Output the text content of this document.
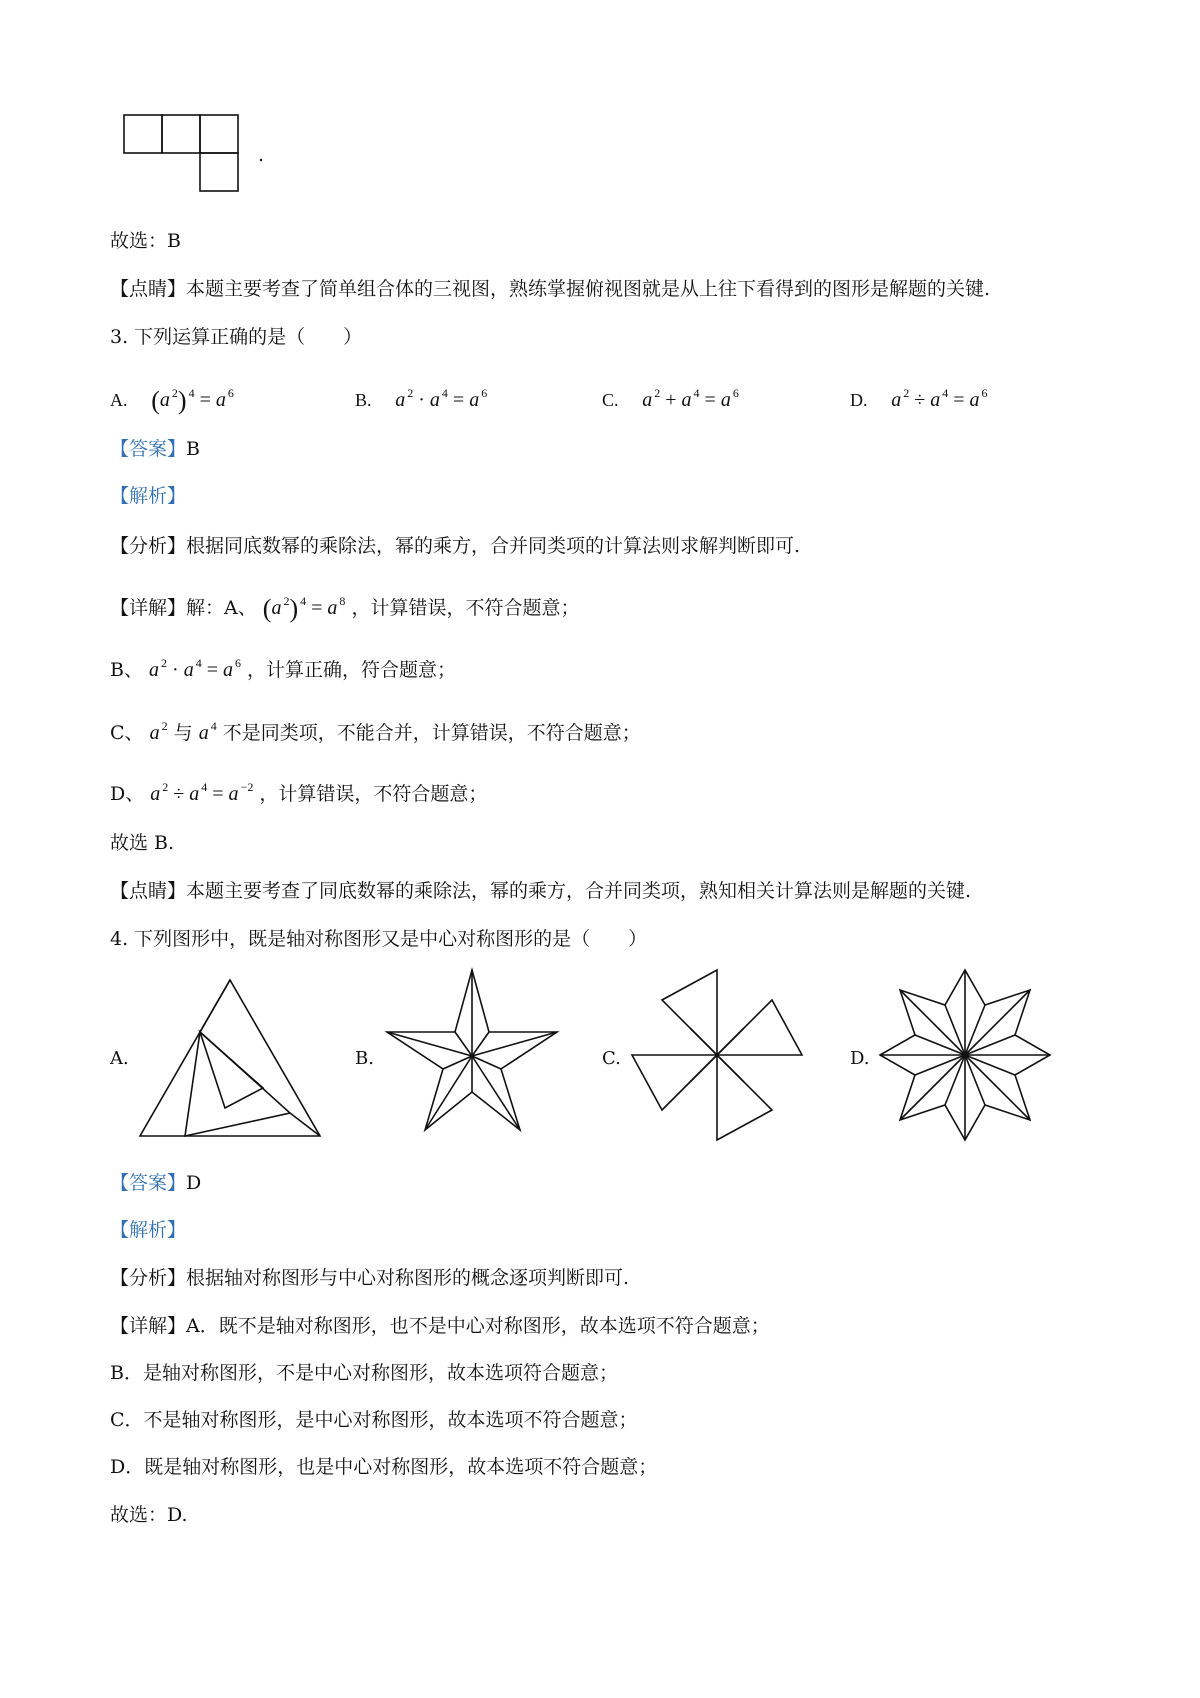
.
故选：B
【点睛】本题主要考查了简单组合体的三视图，熟练掌握俯视图就是从上往下看得到的图形是解题的关键.
3. 下列运算正确的是（　　）
A. (a $^2$) $^4$ = a $^6$	B. a $^2$ · a $^4$ = a $^6$	C. a $^2$ + a $^4$ = a $^6$	D. a $^2$ ÷ a $^4$ = a $^6$
【答案】B
【解析】
【分析】根据同底数幂的乘除法，幂的乘方，合并同类项的计算法则求解判断即可.
【详解】解：A、 (a $^2$) $^4$ = a $^8$ ，计算错误，不符合题意；
B、 a $^2$ · a $^4$ = a $^6$ ，计算正确，符合题意；
C、 a $^2$ 与 a $^4$ 不是同类项，不能合并，计算错误，不符合题意；
D、 a $^2$ ÷ a $^4$ = a $^{-2}$ ，计算错误，不符合题意；
故选 B.
【点睛】本题主要考查了同底数幂的乘除法，幂的乘方，合并同类项，熟知相关计算法则是解题的关键.
4. 下列图形中，既是轴对称图形又是中心对称图形的是（　　）
A.	B.	C.	D.
【答案】D
【解析】
【分析】根据轴对称图形与中心对称图形的概念逐项判断即可.
【详解】A．既不是轴对称图形，也不是中心对称图形，故本选项不符合题意；
B．是轴对称图形，不是中心对称图形，故本选项符合题意；
C．不是轴对称图形，是中心对称图形，故本选项不符合题意；
D．既是轴对称图形，也是中心对称图形，故本选项不符合题意；
故选：D.
